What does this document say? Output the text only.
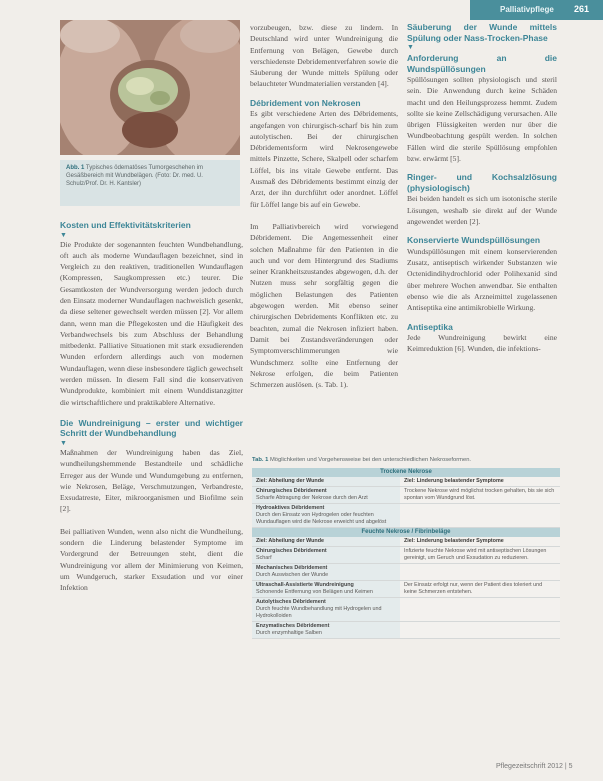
Palliativpflege 261
Abb. 1 Typisches ödematöses Tumorgeschehen im Gesäßbereich mit Wundbelägen. (Foto: Dr. med. U. Schulz/Prof. Dr. H. Kantsler)
Kosten und Effektivitätskriterien
▼

Die Produkte der sogenannten feuchten Wundbehandlung, oft auch als moderne Wundauflagen bezeichnet, sind in Vergleich zu den reaktiven, traditionellen Wundauflagen (Kompressen, Saugkompressen etc.) teurer. Die Gesamtkosten der Wundversorgung werden jedoch durch den Einsatz moderner Wundauflagen nachweislich gesenkt, da diese seltener gewechselt werden müssen [2]. Vor allem dann, wenn man die Pflegekosten und die Häufigkeit des Verbandwechsels bis zum Abschluss der Behandlung mitbedenkt. Palliative Situationen mit stark exsudierenden Wunden erfordern allerdings auch von modernen Wundauflagen, wenn diese insbesondere täglich gewechselt werden müssen. In diesem Fall sind die konservativen Wundprodukte, kombiniert mit einem Wunddistanzgitter die wirtschaftlichere und praktikablere Alternative.

Die Wundreinigung – erster und wichtiger Schritt der Wundbehandlung
▼

Maßnahmen der Wundreinigung haben das Ziel, wundheilungshemmende Bestandteile und schädliche Erreger aus der Wunde und Wundumgebung zu entfernen, wie Nekrosen, Beläge, Verschmutzungen, Verbandreste, Exsudatreste, Eiter, mikroorganismen und Biofilme sein [2].

Bei palliativen Wunden, wenn also nicht die Wundheilung, sondern die Linderung belastender Symptome im Vordergrund der Betreuungen steht, dient die Wundreinigung vor allem der Minimierung von Keimen, um Wundgeruch, starker Exsudation und vor einer Infektion

vorzubeugen, bzw. diese zu lindern. In Deutschland wird unter Wundreinigung die Entfernung von Belägen, Gewebe durch verschiedenste Debridementverfahren sowie die Säuberung der Wunde mittels Spülung oder belauchteter Wundmaterialien verstanden [4].

Débridement von Nekrosen

Es gibt verschiedene Arten des Débridements, angefangen von chirurgisch-scharf bis hin zum autolytischen. Bei der chirurgischen Débridementsform wird Nekrosengewebe mittels Pinzette, Schere, Skalpell oder scharfem Löffel, bis ins vitale Gewebe entfernt. Das Ausmaß des Débridements bestimmt einzig der Arzt, der ihn durchführt oder anordnet. Löffel für Löffel lange bis auf ein Gewebe.

Im Palliativbereich wird vorwiegend Débridement. Die Angemessenheit einer solchen Maßnahme für den Patienten in die auch und vor dem Hintergrund des Stadiums seiner Krankheitszustandes abgewogen, d.h. der Nutzen muss sehr sorgfältig gegen die möglichen Belastungen des Patienten abgewogen werden. Mit ebenso seiner chirurgischen Debridements Konflikten etc. zu beachten, zumal die Nekrosen infiziert haben. Damit bei Zustandsveränderungen oder Symptomverschlimmerungen wie Wundschmerz sollte eine Entfernung der Nekrose erfolgen, die beim Patienten Schmerzen auslösen. (s. Tab. 1).

Säuberung der Wunde mittels Spülung oder Nass-Trocken-Phase
▼
Anforderung an die Wundspüllösungen

Spüllösungen sollten physiologisch und steril sein. Die Anwendung durch keine Schäden macht und den Heilungsprozess hemmt. Zudem sollte sie keine Zellschädigung verursachen. Alle übrigen Flüssigkeiten werden nur über die Wundbeobachtung gespült werden. In solchen Fällen wird die sterile Spüllösung empfohlen bzw. erwärmt [5].

Ringer- und Kochsalzlösung (physiologisch)

Bei beiden handelt es sich um isotonische sterile Lösungen, weshalb sie direkt auf der Wunde angewendet werden [2].

Konservierte Wundspüllösungen

Wundspüllösungen mit einem konservierenden Zusatz, antiseptisch wirkender Substanzen wie Octenidindihydrochlorid oder Polihexanid sind über mehrere Wochen anwendbar. Sie enthalten ebenso wie die als Arzneimittel zugelassenen Antiseptika eine antimikrobielle Wirkung.

Antiseptika

Jede Wundreinigung bewirkt eine Keimreduktion [6]. Wunden, die infektions-

Tab. 1 Möglichkeiten und Vorgehensweise bei den unterschiedlichen Nekroseformen.
Trockene Nekrose
Ziel: Abheilung der Wunde	Ziel: Linderung belastender Symptome
Chirurgisches Débridement
Scharfe Abtragung der Nekrose durch den Arzt
Trockene Nekrose wird möglichst trocken gehalten, bis sie sich spontan vom Wundgrund löst.
Hydroaktives Débridement
Durch den Einsatz von Hydrogelen oder feuchten Wundauflagen wird die Nekrose erweicht und abgelöst
Feuchte Nekrose / Fibrinbeläge
Ziel: Abheilung der Wunde	Ziel: Linderung belastender Symptome
Chirurgisches Débridement
Scharf
Infizierte feuchte Nekrose wird mit antiseptischen Lösungen gereinigt, um Geruch und Exsudation zu reduzieren.
Mechanisches Débridement
Durch Auswischen der Wunde
Ultraschall-Assistierte Wundreinigung
Schonende Entfernung von Belägen und Keimen
Der Einsatz erfolgt nur, wenn der Patient dies toleriert und keine Schmerzen entstehen.
Autolytisches Débridement
Durch feuchte Wundbehandlung mit Hydrogelen und Hydrokolloiden
Enzymatisches Débridement
Durch enzymhaltige Salben
Pflegezeitschrift 2012 | 5
